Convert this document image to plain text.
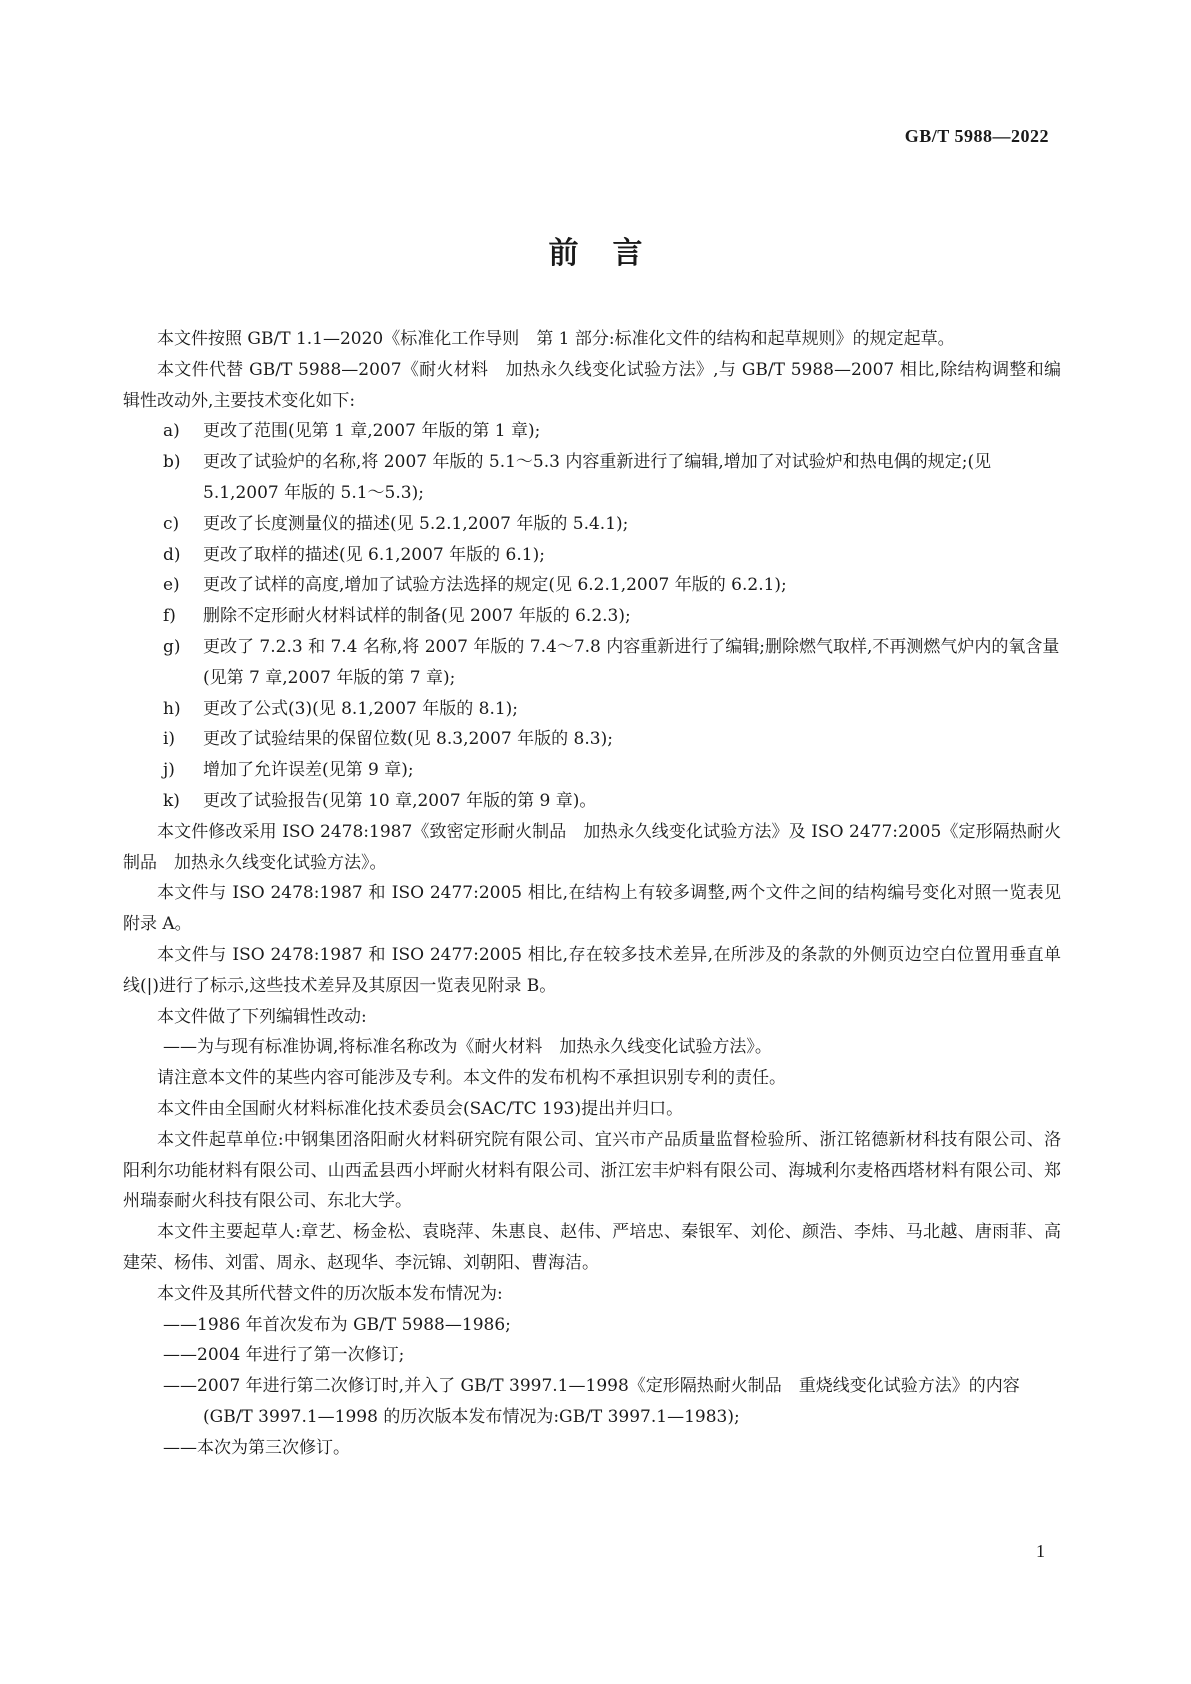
GB/T 5988—2022
前言

本文件按照 GB/T 1.1—2020《标准化工作导则　第 1 部分:标准化文件的结构和起草规则》的规定起草。

本文件代替 GB/T 5988—2007《耐火材料　加热永久线变化试验方法》,与 GB/T 5988—2007 相比,除结构调整和编辑性改动外,主要技术变化如下:

a) 更改了范围(见第 1 章,2007 年版的第 1 章);

b) 更改了试验炉的名称,将 2007 年版的 5.1～5.3 内容重新进行了编辑,增加了对试验炉和热电偶的规定;(见 5.1,2007 年版的 5.1～5.3);

c) 更改了长度测量仪的描述(见 5.2.1,2007 年版的 5.4.1);

d) 更改了取样的描述(见 6.1,2007 年版的 6.1);

e) 更改了试样的高度,增加了试验方法选择的规定(见 6.2.1,2007 年版的 6.2.1);

f) 删除不定形耐火材料试样的制备(见 2007 年版的 6.2.3);

g) 更改了 7.2.3 和 7.4 名称,将 2007 年版的 7.4～7.8 内容重新进行了编辑;删除燃气取样,不再测燃气炉内的氧含量(见第 7 章,2007 年版的第 7 章);

h) 更改了公式(3)(见 8.1,2007 年版的 8.1);

i) 更改了试验结果的保留位数(见 8.3,2007 年版的 8.3);

j) 增加了允许误差(见第 9 章);

k) 更改了试验报告(见第 10 章,2007 年版的第 9 章)。

本文件修改采用 ISO 2478:1987《致密定形耐火制品　加热永久线变化试验方法》及 ISO 2477:2005《定形隔热耐火制品　加热永久线变化试验方法》。

本文件与 ISO 2478:1987 和 ISO 2477:2005 相比,在结构上有较多调整,两个文件之间的结构编号变化对照一览表见附录 A。

本文件与 ISO 2478:1987 和 ISO 2477:2005 相比,存在较多技术差异,在所涉及的条款的外侧页边空白位置用垂直单线(|)进行了标示,这些技术差异及其原因一览表见附录 B。

本文件做了下列编辑性改动:

——为与现有标准协调,将标准名称改为《耐火材料　加热永久线变化试验方法》。

请注意本文件的某些内容可能涉及专利。本文件的发布机构不承担识别专利的责任。

本文件由全国耐火材料标准化技术委员会(SAC/TC 193)提出并归口。

本文件起草单位:中钢集团洛阳耐火材料研究院有限公司、宜兴市产品质量监督检验所、浙江铭德新材科技有限公司、洛阳利尔功能材料有限公司、山西孟县西小坪耐火材料有限公司、浙江宏丰炉料有限公司、海城利尔麦格西塔材料有限公司、郑州瑞泰耐火科技有限公司、东北大学。

本文件主要起草人:章艺、杨金松、袁晓萍、朱惠良、赵伟、严培忠、秦银军、刘伦、颜浩、李炜、马北越、唐雨菲、高建荣、杨伟、刘雷、周永、赵现华、李沅锦、刘朝阳、曹海洁。

本文件及其所代替文件的历次版本发布情况为:

——1986 年首次发布为 GB/T 5988—1986;

——2004 年进行了第一次修订;

——2007 年进行第二次修订时,并入了 GB/T 3997.1—1998《定形隔热耐火制品　重烧线变化试验方法》的内容(GB/T 3997.1—1998 的历次版本发布情况为:GB/T 3997.1—1983);

——本次为第三次修订。

1
